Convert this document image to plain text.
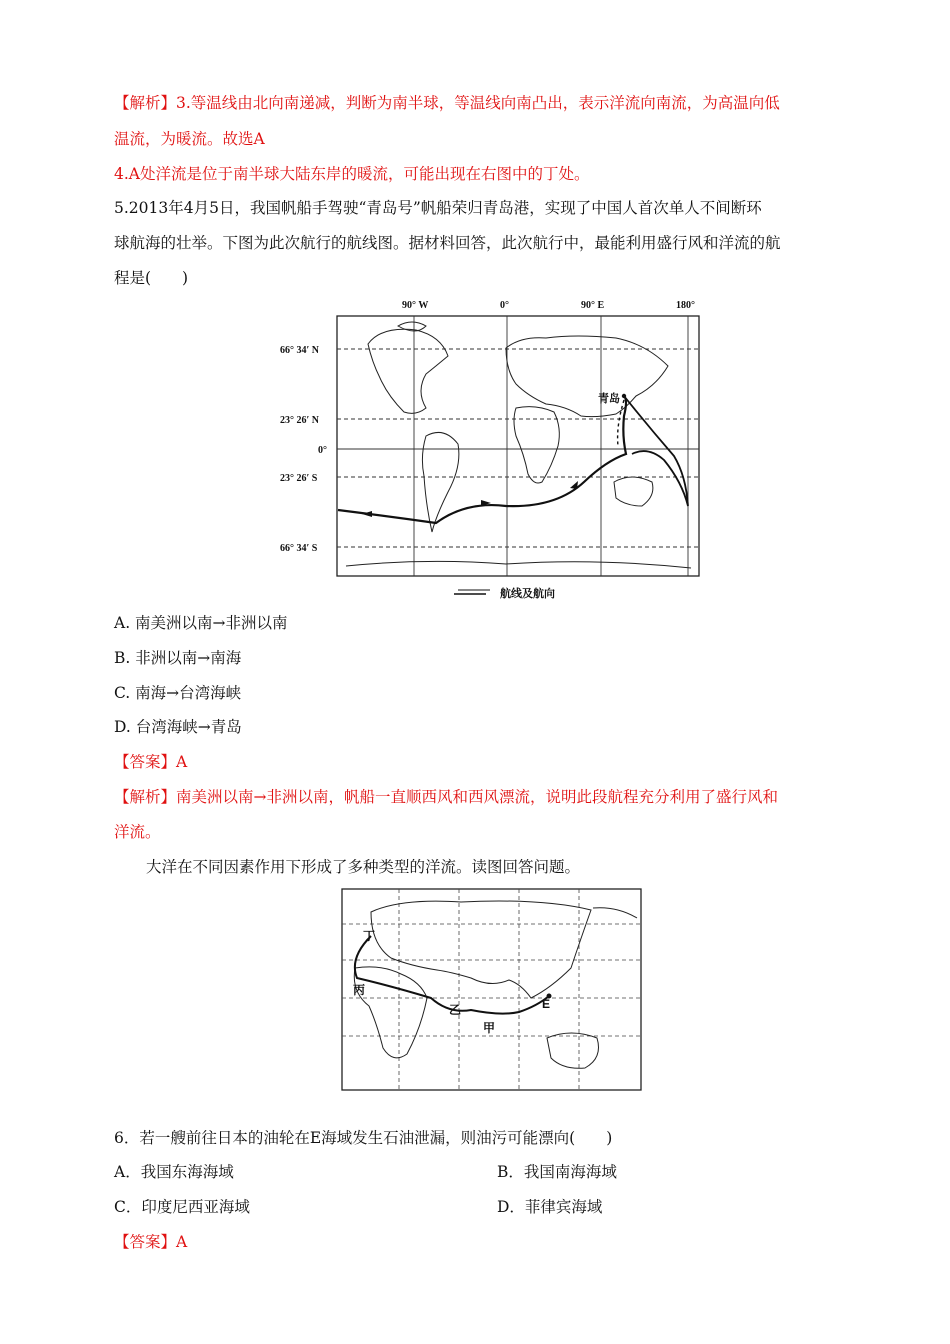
【解析】3.等温线由北向南递减，判断为南半球，等温线向南凸出，表示洋流向南流，为高温向低
温流，为暖流。故选A
4.A处洋流是位于南半球大陆东岸的暖流，可能出现在右图中的丁处。
5.2013年4月5日，我国帆船手驾驶“青岛号”帆船荣归青岛港，实现了中国人首次单人不间断环
球航海的壮举。下图为此次航行的航线图。据材料回答，此次航行中，最能利用盛行风和洋流的航
程是(　　)
90° W	0°	90° E	180°
66° 34′ N
23° 26′ N
0°
23° 26′ S
66° 34′ S
青岛
航线及航向
A. 南美洲以南→非洲以南
B. 非洲以南→南海
C. 南海→台湾海峡
D. 台湾海峡→青岛
【答案】A
【解析】南美洲以南→非洲以南，帆船一直顺西风和西风漂流，说明此段航程充分利用了盛行风和
洋流。
大洋在不同因素作用下形成了多种类型的洋流。读图回答问题。
丁
丙
乙
甲
E
6．若一艘前往日本的油轮在E海域发生石油泄漏，则油污可能漂向(　　)
A．我国东海海域	B．我国南海海域
C．印度尼西亚海域	D．菲律宾海域
【答案】A
